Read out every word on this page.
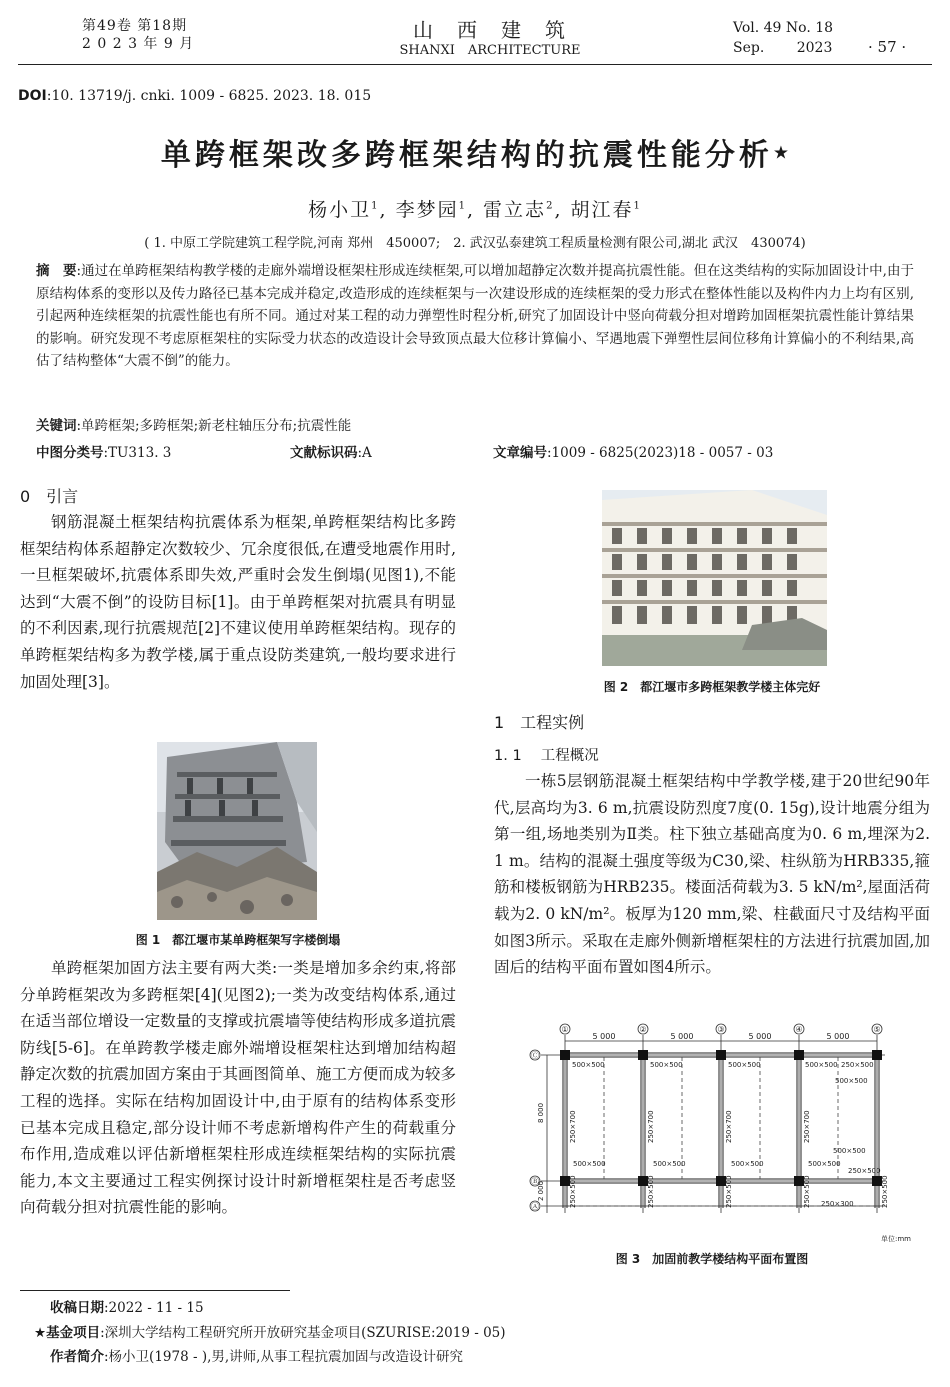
第49卷 第18期
2 0 2 3 年 9 月
山　西　建　筑
SHANXI　ARCHITECTURE
Vol. 49 No. 18
Sep.　　 2023 · 57 ·
DOI:10. 13719/j. cnki. 1009 - 6825. 2023. 18. 015
单跨框架改多跨框架结构的抗震性能分析★
杨小卫$^1$, 李梦园$^1$, 雷立志$^2$, 胡江春$^1$
( 1. 中原工学院建筑工程学院,河南 郑州　450007;　2. 武汉弘泰建筑工程质量检测有限公司,湖北 武汉　430074)
摘　要:通过在单跨框架结构教学楼的走廊外端增设框架柱形成连续框架,可以增加超静定次数并提高抗震性能。但在这类结构的实际加固设计中,由于原结构体系的变形以及传力路径已基本完成并稳定,改造形成的连续框架与一次建设形成的连续框架的受力形式在整体性能以及构件内力上均有区别,引起两种连续框架的抗震性能也有所不同。通过对某工程的动力弹塑性时程分析,研究了加固设计中竖向荷载分担对增跨加固框架抗震性能计算结果的影响。研究发现不考虑原框架柱的实际受力状态的改造设计会导致顶点最大位移计算偏小、罕遇地震下弹塑性层间位移角计算偏小的不利结果,高估了结构整体“大震不倒”的能力。
关键词:单跨框架;多跨框架;新老柱轴压分布;抗震性能
中图分类号:TU313. 3	文献标识码:A	文章编号:1009 - 6825(2023)18 - 0057 - 03
0　引言

钢筋混凝土框架结构抗震体系为框架,单跨框架结构比多跨框架结构体系超静定次数较少、冗余度很低,在遭受地震作用时,一旦框架破坏,抗震体系即失效,严重时会发生倒塌(见图1),不能达到“大震不倒”的设防目标[1]。由于单跨框架对抗震具有明显的不利因素,现行抗震规范[2]不建议使用单跨框架结构。现存的单跨框架结构多为教学楼,属于重点设防类建筑,一般均要求进行加固处理[3]。

图 1　都江堰市某单跨框架写字楼倒塌

单跨框架加固方法主要有两大类:一类是增加多余约束,将部分单跨框架改为多跨框架[4](见图2);一类为改变结构体系,通过在适当部位增设一定数量的支撑或抗震墙等使结构形成多道抗震防线[5-6]。在单跨教学楼走廊外端增设框架柱达到增加结构超静定次数的抗震加固方案由于其画图简单、施工方便而成为较多工程的选择。实际在结构加固设计中,由于原有的结构体系变形已基本完成且稳定,部分设计师不考虑新增构件产生的荷载重分布作用,造成难以评估新增框架柱形成连续框架结构的实际抗震能力,本文主要通过工程实例探讨设计时新增框架柱是否考虑竖向荷载分担对抗震性能的影响。

图 2　都江堰市多跨框架教学楼主体完好
1　工程实例
1. 1　 工程概况

一栋5层钢筋混凝土框架结构中学教学楼,建于20世纪90年代,层高均为3. 6 m,抗震设防烈度7度(0. 15g),设计地震分组为第一组,场地类别为Ⅱ类。柱下独立基础高度为0. 6 m,埋深为2. 1 m。结构的混凝土强度等级为C30,梁、柱纵筋为HRB335,箍筋和楼板钢筋为HRB235。楼面活荷载为3. 5 kN/m²,屋面活荷载为2. 0 kN/m²。板厚为120 mm,梁、柱截面尺寸及结构平面如图3所示。采取在走廊外侧新增框架柱的方法进行抗震加固,加固后的结构平面布置如图4所示。

①	②	③	④	⑤
Ⓒ
Ⓑ
Ⓐ
5 000	5 000	5 000	5 000
8 000
2 000
500×500	500×500	500×500	500×500 250×500
500×500
500×500	500×500	500×500	500×500
500×500
250×500
250×300
250×700	250×700	250×700	250×700
250×500	250×500	250×500	250×500	250×500
单位:mm
图 3　加固前教学楼结构平面布置图
收稿日期:2022 - 11 - 15
★基金项目:深圳大学结构工程研究所开放研究基金项目(SZURISE:2019 - 05)
作者简介:杨小卫(1978 - ),男,讲师,从事工程抗震加固与改造设计研究
